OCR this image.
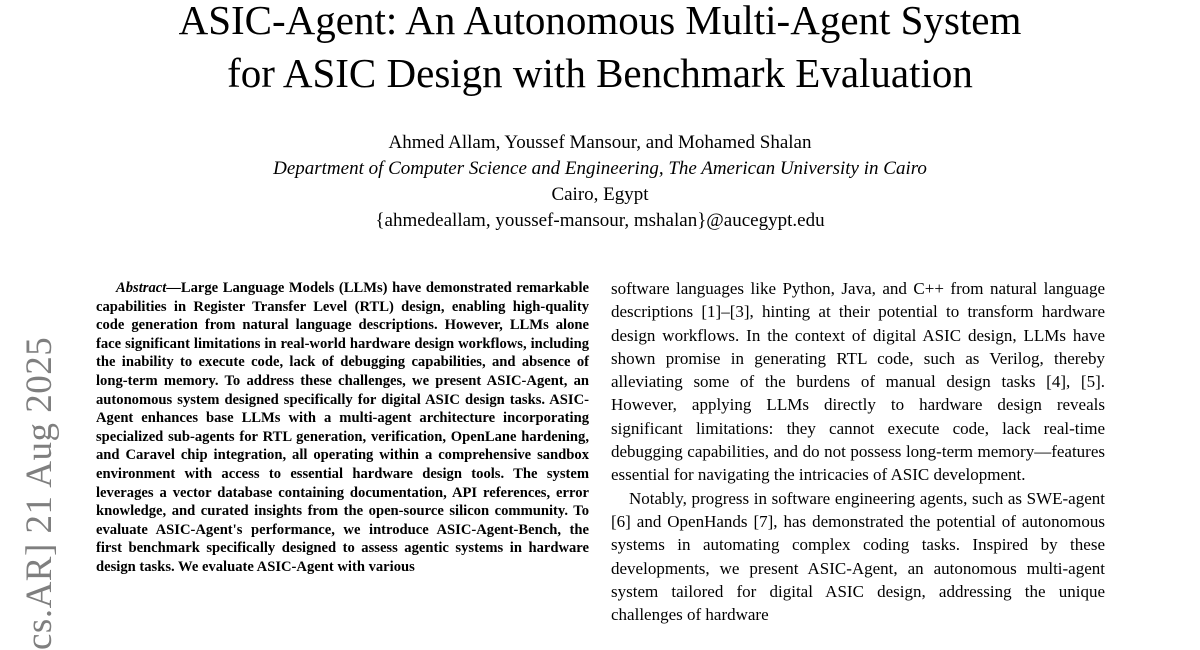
ASIC-Agent: An Autonomous Multi-Agent System
for ASIC Design with Benchmark Evaluation
Ahmed Allam, Youssef Mansour, and Mohamed Shalan
Department of Computer Science and Engineering, The American University in Cairo
Cairo, Egypt
{ahmedeallam, youssef-mansour, mshalan}@aucegypt.edu
cs.AR] 21 Aug 2025

Abstract—Large Language Models (LLMs) have demonstrated remarkable capabilities in Register Transfer Level (RTL) design, enabling high-quality code generation from natural language descriptions. However, LLMs alone face significant limitations in real-world hardware design workflows, including the inability to execute code, lack of debugging capabilities, and absence of long-term memory. To address these challenges, we present ASIC-Agent, an autonomous system designed specifically for digital ASIC design tasks. ASIC-Agent enhances base LLMs with a multi-agent architecture incorporating specialized sub-agents for RTL generation, verification, OpenLane hardening, and Caravel chip integration, all operating within a comprehensive sandbox environment with access to essential hardware design tools. The system leverages a vector database containing documentation, API references, error knowledge, and curated insights from the open-source silicon community. To evaluate ASIC-Agent's performance, we introduce ASIC-Agent-Bench, the first benchmark specifically designed to assess agentic systems in hardware design tasks. We evaluate ASIC-Agent with various

software languages like Python, Java, and C++ from natural language descriptions [1]–[3], hinting at their potential to transform hardware design workflows. In the context of digital ASIC design, LLMs have shown promise in generating RTL code, such as Verilog, thereby alleviating some of the burdens of manual design tasks [4], [5]. However, applying LLMs directly to hardware design reveals significant limitations: they cannot execute code, lack real-time debugging capabilities, and do not possess long-term memory—features essential for navigating the intricacies of ASIC development.

Notably, progress in software engineering agents, such as SWE-agent [6] and OpenHands [7], has demonstrated the potential of autonomous systems in automating complex coding tasks. Inspired by these developments, we present ASIC-Agent, an autonomous multi-agent system tailored for digital ASIC design, addressing the unique challenges of hardware
